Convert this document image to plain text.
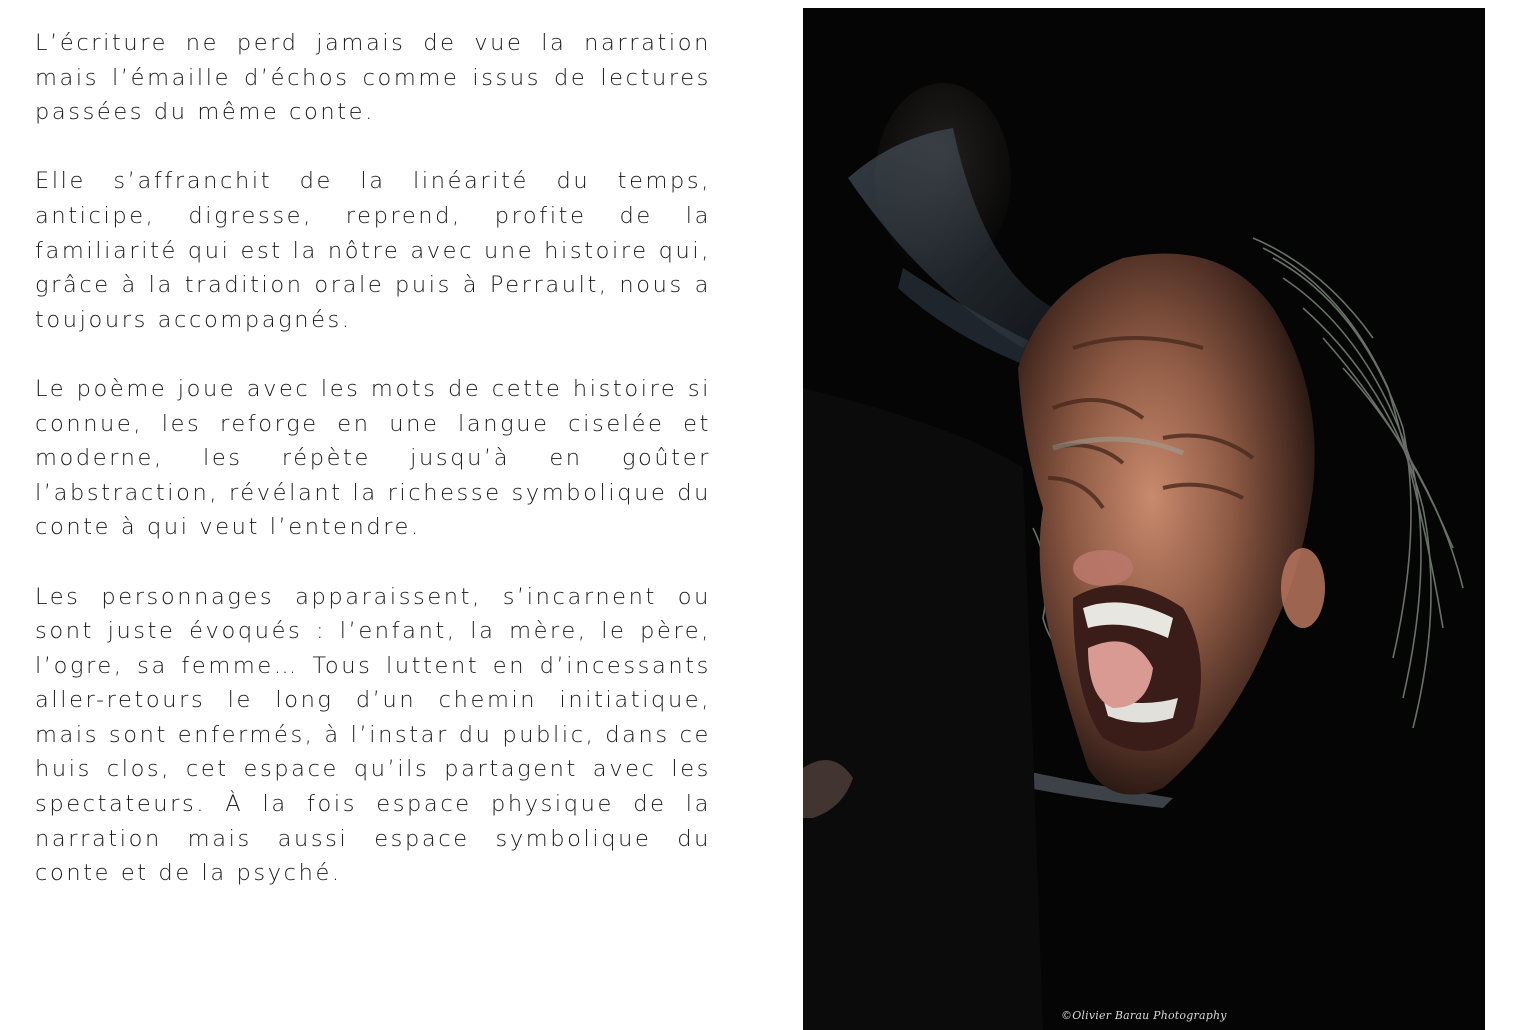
L’écriture ne perd jamais de vue la narration mais l’émaille d’échos comme issus de lectures passées du même conte.

Elle s’affranchit de la linéarité du temps, anticipe, digresse, reprend, profite de la familiarité qui est la nôtre avec une histoire qui, grâce à la tradition orale puis à Perrault, nous a toujours accompagnés.

Le poème joue avec les mots de cette histoire si connue, les reforge en une langue ciselée et moderne, les répète jusqu’à en goûter l’abstraction, révélant la richesse symbolique du conte à qui veut l’entendre.

Les personnages apparaissent, s’incarnent ou sont juste évoqués : l’enfant, la mère, le père, l’ogre, sa femme… Tous luttent en d’incessants aller-retours le long d’un chemin initiatique, mais sont enfermés, à l’instar du public, dans ce huis clos, cet espace qu’ils partagent avec les spectateurs. À la fois espace physique de la narration mais aussi espace symbolique du conte et de la psyché.

©Olivier Barau Photography
